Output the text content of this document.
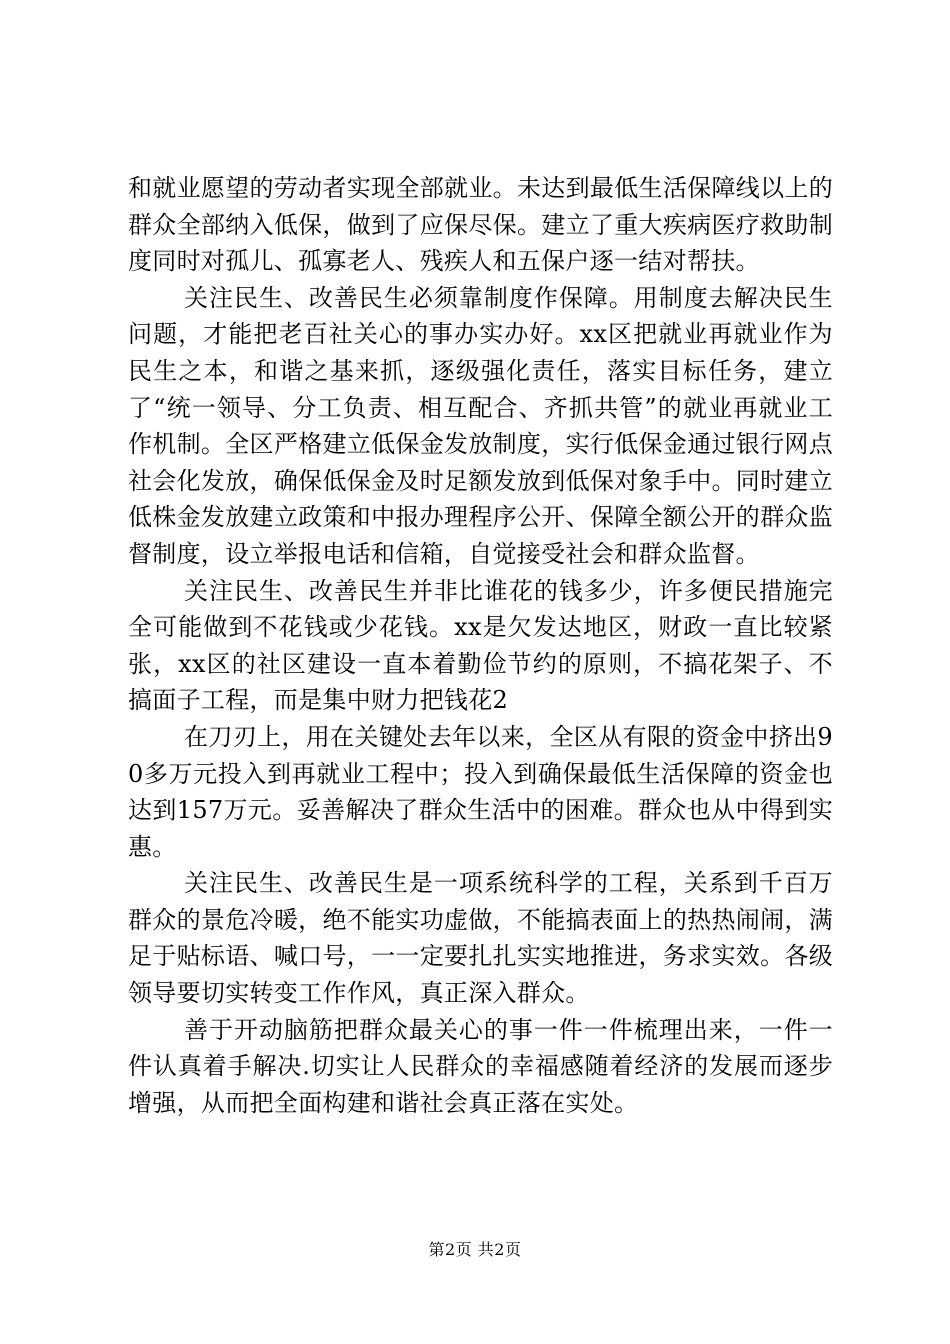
和就业愿望的劳动者实现全部就业。未达到最低生活保障线以上的群众全部纳入低保，做到了应保尽保。建立了重大疾病医疗救助制度同时对孤儿、孤寡老人、残疾人和五保户逐一结对帮扶。

关注民生、改善民生必须靠制度作保障。用制度去解决民生问题，才能把老百社关心的事办实办好。xx区把就业再就业作为民生之本，和谐之基来抓，逐级强化责任，落实目标任务，建立了“统一领导、分工负责、相互配合、齐抓共管”的就业再就业工作机制。全区严格建立低保金发放制度，实行低保金通过银行网点社会化发放，确保低保金及时足额发放到低保对象手中。同时建立低株金发放建立政策和中报办理程序公开、保障全额公开的群众监督制度，设立举报电话和信箱，自觉接受社会和群众监督。

关注民生、改善民生并非比谁花的钱多少，许多便民措施完全可能做到不花钱或少花钱。xx是欠发达地区，财政一直比较紧张，xx区的社区建设一直本着勤俭节约的原则，不搞花架子、不搞面子工程，而是集中财力把钱花2

在刀刃上，用在关键处去年以来，全区从有限的资金中挤出90多万元投入到再就业工程中；投入到确保最低生活保障的资金也达到157万元。妥善解决了群众生活中的困难。群众也从中得到实惠。

关注民生、改善民生是一项系统科学的工程，关系到千百万群众的景危冷暖，绝不能实功虚做，不能搞表面上的热热闹闹，满足于贴标语、喊口号，一一定要扎扎实实地推进，务求实效。各级领导要切实转变工作作风，真正深入群众。

善于开动脑筋把群众最关心的事一件一件梳理出来，一件一件认真着手解决.切实让人民群众的幸福感随着经济的发展而逐步增强，从而把全面构建和谐社会真正落在实处。

第2页 共2页
